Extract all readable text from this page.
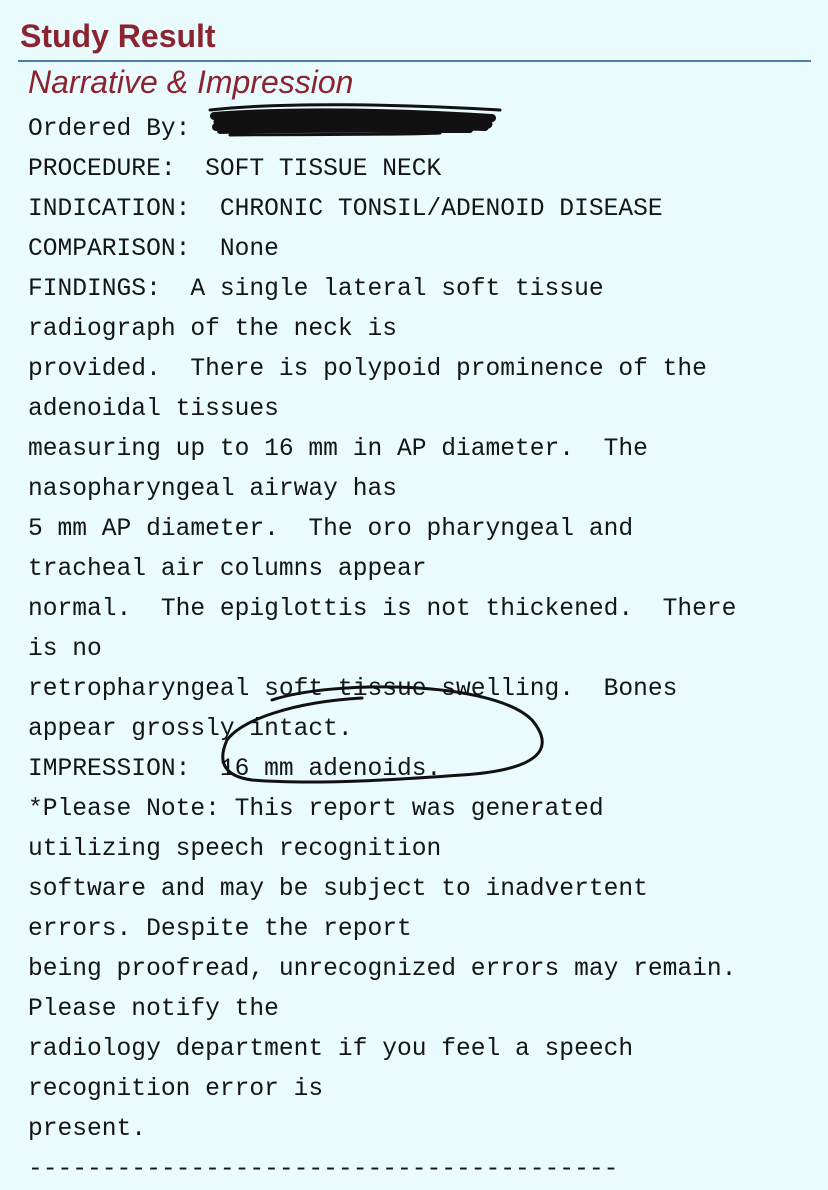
Study Result
Narrative & Impression
Ordered By:
PROCEDURE:  SOFT TISSUE NECK
INDICATION:  CHRONIC TONSIL/ADENOID DISEASE
COMPARISON:  None
FINDINGS:  A single lateral soft tissue
radiograph of the neck is
provided.  There is polypoid prominence of the
adenoidal tissues
measuring up to 16 mm in AP diameter.  The
nasopharyngeal airway has
5 mm AP diameter.  The oro pharyngeal and
tracheal air columns appear
normal.  The epiglottis is not thickened.  There
is no
retropharyngeal soft tissue swelling.  Bones
appear grossly intact.
IMPRESSION:  16 mm adenoids.
*Please Note: This report was generated
utilizing speech recognition
software and may be subject to inadvertent
errors. Despite the report
being proofread, unrecognized errors may remain.
Please notify the
radiology department if you feel a speech
recognition error is
present.
----------------------------------------
